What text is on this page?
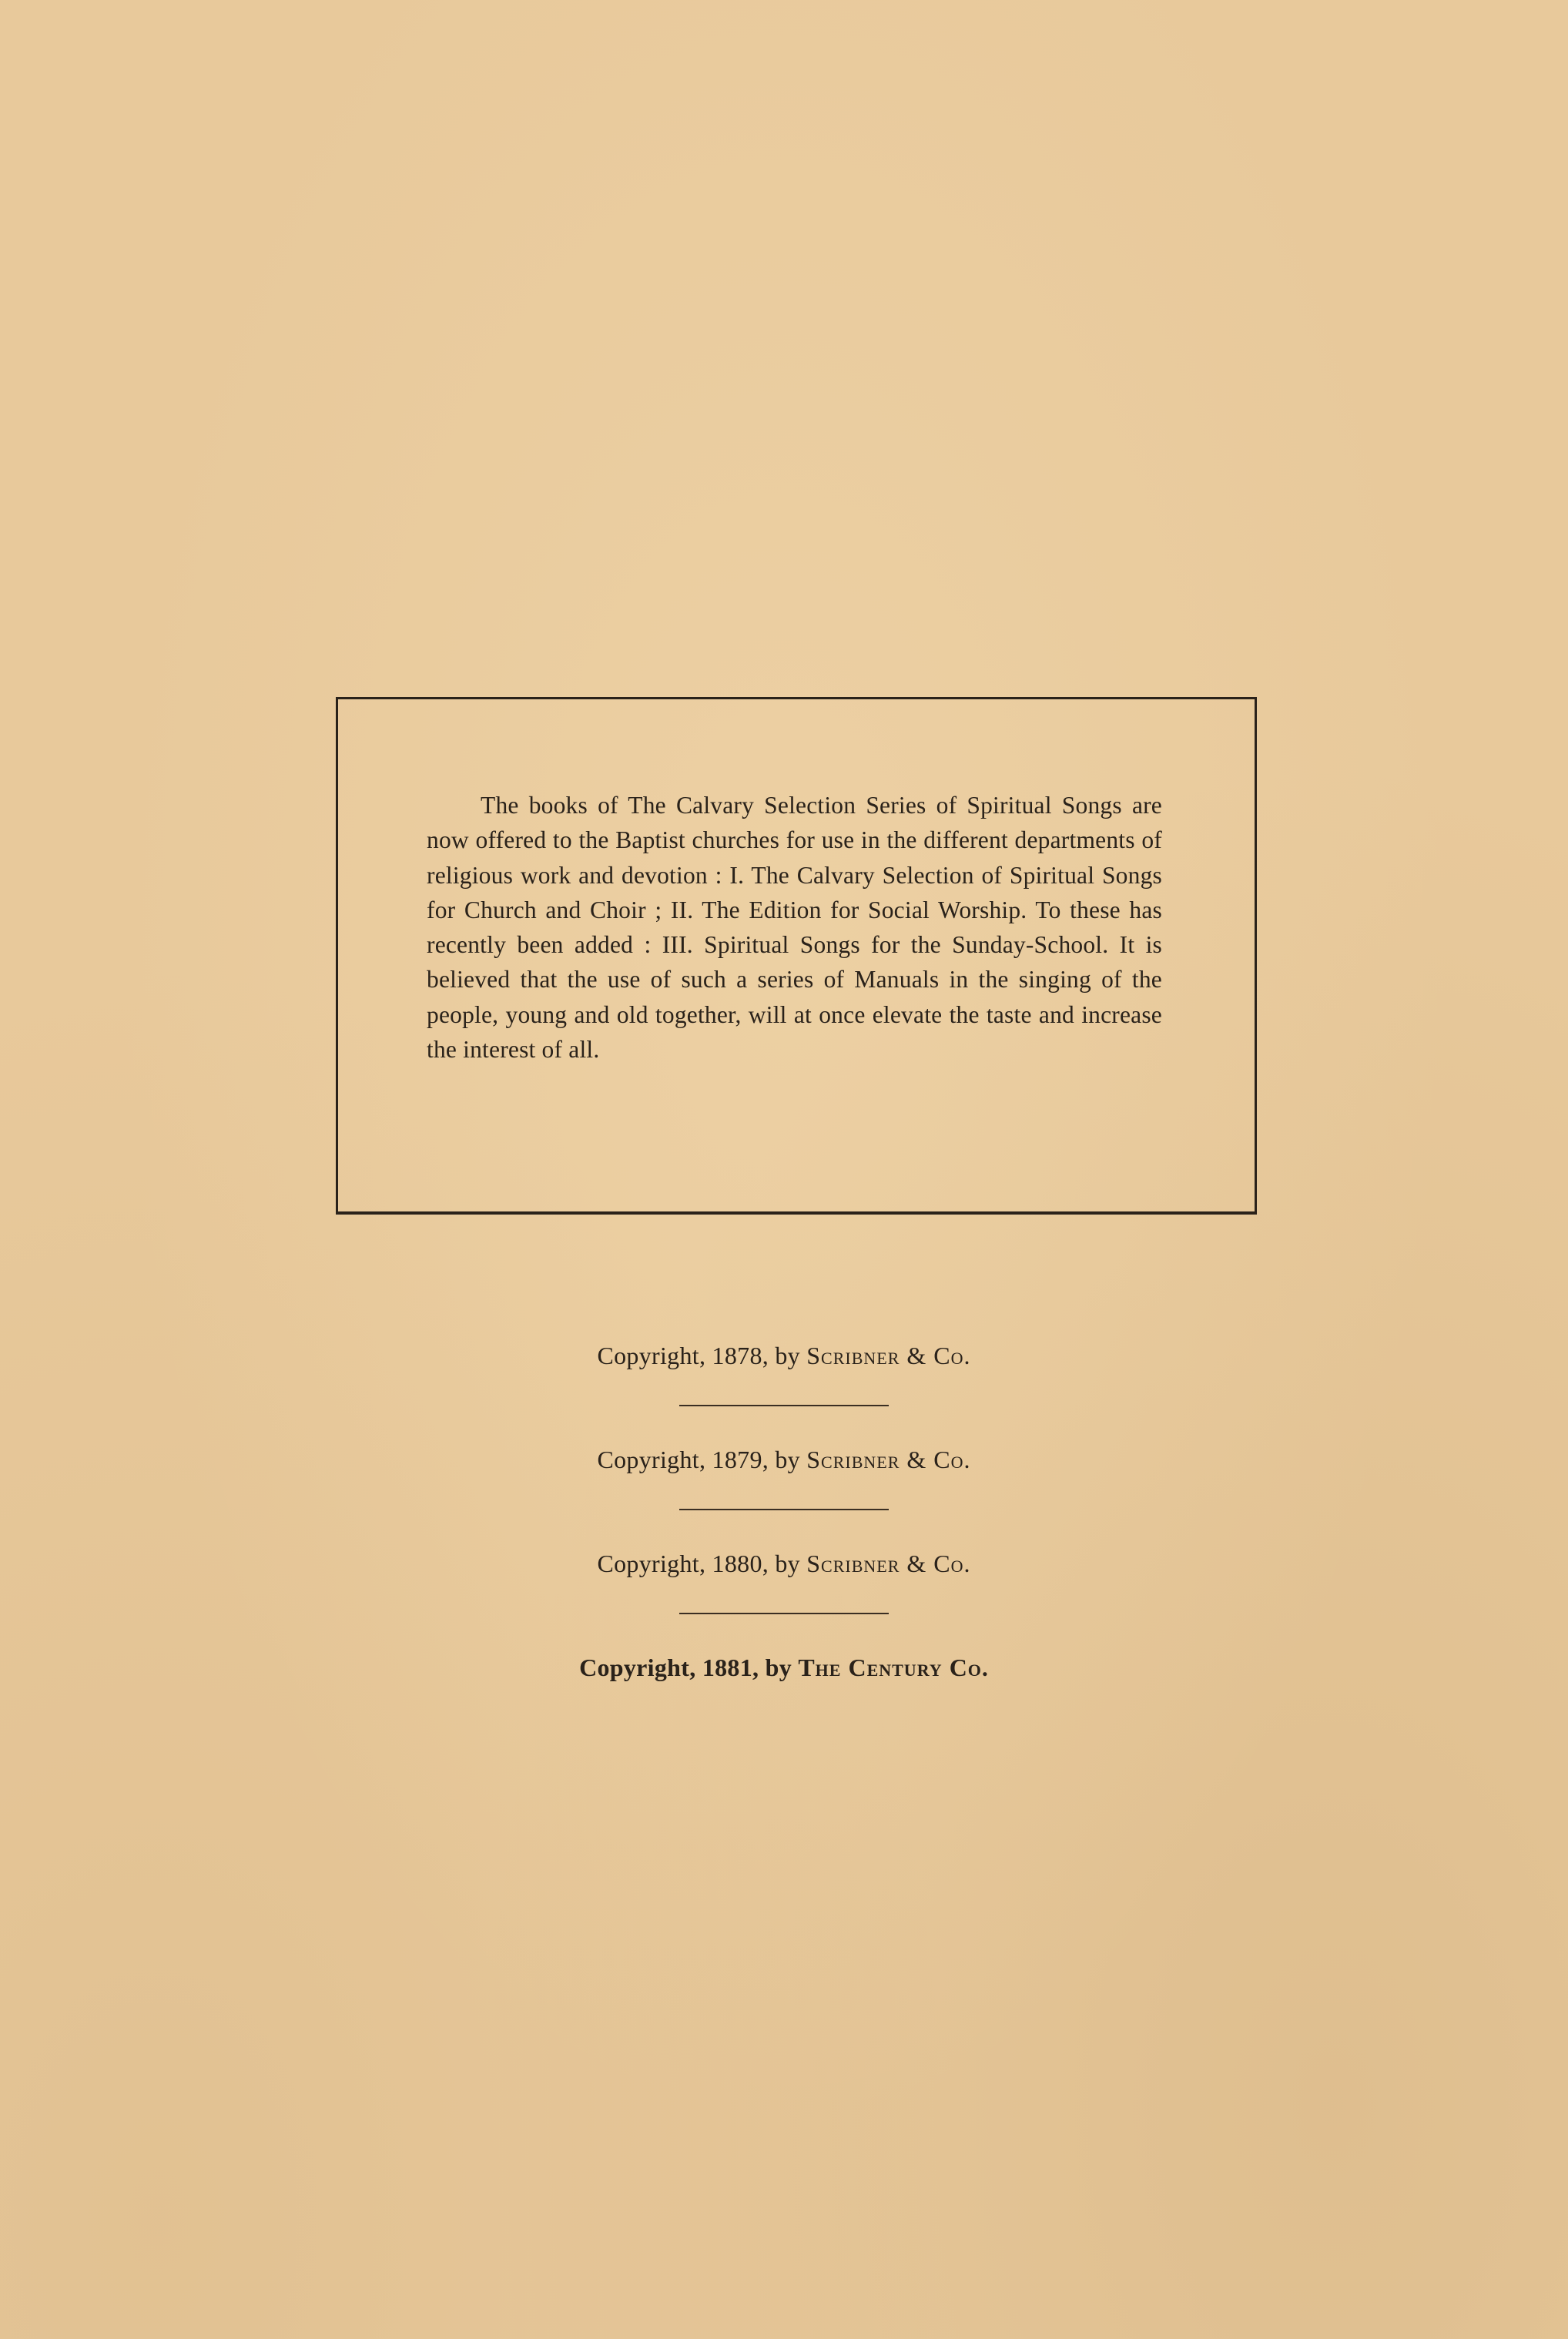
The books of The Calvary Selection Series of Spiritual Songs are now offered to the Baptist churches for use in the different departments of religious work and devotion : I. The Calvary Selection of Spiritual Songs for Church and Choir ; II. The Edition for Social Worship. To these has recently been added : III. Spiritual Songs for the Sunday-School. It is believed that the use of such a series of Manuals in the singing of the people, young and old together, will at once elevate the taste and increase the interest of all.

Copyright, 1878, by Scribner & Co.
Copyright, 1879, by Scribner & Co.
Copyright, 1880, by Scribner & Co.
Copyright, 1881, by The Century Co.
